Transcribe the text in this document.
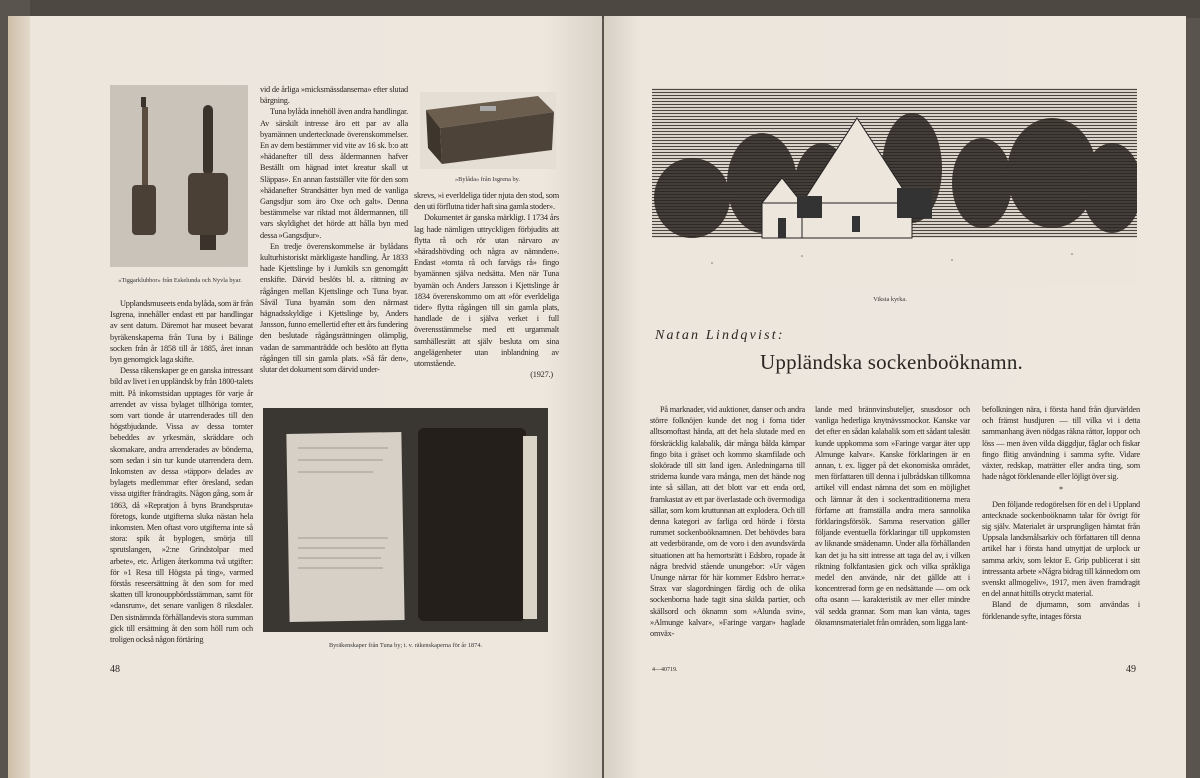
»Tiggarklubbor» från Eskelunda och Nyvla byar.

Upplandsmuseets enda bylåda, som är från Isgrena, innehåller endast ett par handlingar av sent datum. Däremot har museet bevarat byräkenskaperna från Tuna by i Bälinge socken från år 1858 till år 1885, året innan byn genomgick laga skifte.

Dessa räkenskaper ge en ganska intressant bild av livet i en uppländsk by från 1800-talets mitt. På inkomstsidan upptages för varje år arrendet av vissa bylaget tillhöriga tomter, som vart tionde år utarrenderades till den högstbjudande. Vissa av dessa tomter bebeddes av yrkesmän, skräddare och skomakare, andra arrenderades av bönderna, som sedan i sin tur kunde utarrendera dem. Inkomsten av dessa »täppor» delades av bylagets medlemmar efter öresland, sedan vissa utgifter frändragits. Någon gång, som år 1863, då »Repratjon å byns Brandspruta» företogs, kunde utgifterna sluka nästan hela inkomsten. Men oftast voro utgifterna inte så stora: spik åt byplogen, smörja till sprutslangen, »2:ne Grindstolpar med arbete», etc. Årligen återkomma två utgifter: för »1 Resa till Högsta på ting», varmed förstås reseersättning åt den som for med skatten till kronouppbördsstämman, samt för »dansrum», det senare vanligen 8 riksdaler. Den sistnämnda förhållandevis stora summan gick till ersättning åt den som höll rum och troligen också någon förtäring

vid de årliga »micksmässdanserna» efter slutad bärgning.

Tuna bylåda innehöll även andra handlingar. Av särskilt intresse äro ett par av alla byamännen undertecknade överenskommelser. En av dem bestämmer vid vite av 16 sk. b:o att »hädanefter till dess åldermannen hafver Beställt om hägnad intet kreatur skall ut Släppas». En annan fastställer vite för den som »hädanefter Strandsätter byn med de vanliga Gangsdjur som äro Oxe och galt». Denna bestämmelse var riktad mot åldermannen, till vars skyldighet det hörde att hålla byn med dessa »Gangsdjur».

En tredje överenskommelse är bylådans kulturhistoriskt märkligaste handling. År 1833 hade Kjettslinge by i Jumkils s:n genomgått enskifte. Därvid beslöts bl. a. rättning av rågången mellan Kjettslinge och Tuna byar. Såväl Tuna byamän som den närmast hägnadsskyldige i Kjettslinge by, Anders Jansson, funno emellertid efter ett års fundering den beslutade rågångsrättningen olämplig, vadan de sammanträdde och beslöto att flytta rågången till sin gamla plats. »Så får den», slutar det dokument som därvid under-

»Bylåda» från Isgrena by.

skrevs, »i everldeliga tider njuta den stod, som den uti förflutna tider haft sina gamla stoder».

Dokumentet är ganska märkligt. I 1734 års lag hade nämligen uttryckligen förbjudits att flytta rå och rör utan närvaro av »häradshövding och några av nämnden». Endast »tomta rå och farvägs rå» fingo byamännen själva nedsätta. Men när Tuna byamän och Anders Jansson i Kjettslinge år 1834 överenskommo om att »för everldeliga tider» flytta rågången till sin gamla plats, handlade de i själva verket i full överensstämmelse med ett urgammalt samhällesrätt att själv besluta om sina angelägenheter utan inblandning av utomstående.

(1927.)
Byräkenskaper från Tuna by; t. v. räkenskaperna för år 1874.
48
Viksta kyrka.
Natan Lindqvist:
Uppländska sockenboöknamn.

På marknader, vid auktioner, danser och andra större folknöjen kunde det nog i forna tider alltsomoftast hända, att det hela slutade med en förskräcklig kalabalik, där många bålda kämpar fingo bita i gräset och kommo skamfilade och slokörade till sitt land igen. Anledningarna till striderna kunde vara många, men det hände nog inte så sällan, att det blott var ett enda ord, framkastat av ett par överlastade och övermodiga sällar, som kom kruttunnan att explodera. Och till denna kategori av farliga ord hörde i första rummet sockenboöknamnen. Det behövdes bara att vederbörande, om de voro i den avundsvärda situationen att ha hemortsrätt i Edsbro, ropade åt några bredvid stående unungebor: »Ur vägen Ununge närrar för här kommer Edsbro herrar.» Strax var slagordningen färdig och de olika sockenborna hade tagit sina skilda partier, och skällsord och öknamn som »Alunda svin», »Almunge kalvar», »Faringe vargar» haglade omväx-

lande med brännvinsbuteljer, snusdosor och vanliga hederliga knytnävssmockor. Kanske var det efter en sådan kalabalik som ett sådant talesätt kunde uppkomma som »Faringe vargar äter upp Almunge kalvar». Kanske förklaringen är en annan, t. ex. ligger på det ekonomiska området, men författaren till denna i julbrådskan tillkomna artikel vill endast nämna det som en möjlighet och lämnar åt den i sockentraditionerna mera förfarne att framställa andra mera sannolika förklaringsförsök. Samma reservation gäller följande eventuella förklaringar till uppkomsten av liknande smädenamn. Under alla förhållanden kan det ju ha sitt intresse att taga del av, i vilken riktning folkfantasien gick och vilka språkliga medel den använde, när det gällde att i koncentrerad form ge en nedsättande — om ock ofta osann — karakteristik av mer eller mindre väl sedda grannar. Som man kan vänta, tages öknamnsmaterialet från områden, som ligga lant-

befolkningen nära, i första hand från djurvärlden och främst husdjuren — till vilka vi i detta sammanhang även nödgas räkna råttor, loppor och löss — men även vilda däggdjur, fåglar och fiskar fingo flitig användning i samma syfte. Vidare växter, redskap, maträtter eller andra ting, som hade något förklenande eller löjligt över sig.

*

Den följande redogörelsen för en del i Uppland antecknade sockenboöknamn talar för övrigt för sig själv. Materialet är ursprungligen hämtat från Uppsala landsmålsarkiv och författaren till denna artikel har i första hand utnyttjat de urplock ur samma arkiv, som lektor E. Grip publicerat i sitt intressanta arbete »Några bidrag till kännedom om svenskt allmogeliv», 1917, men även framdragit en del annat hittills otryckt material.

Bland de djurnamn, som användas i förklenande syfte, intages första

4—40719.	49
